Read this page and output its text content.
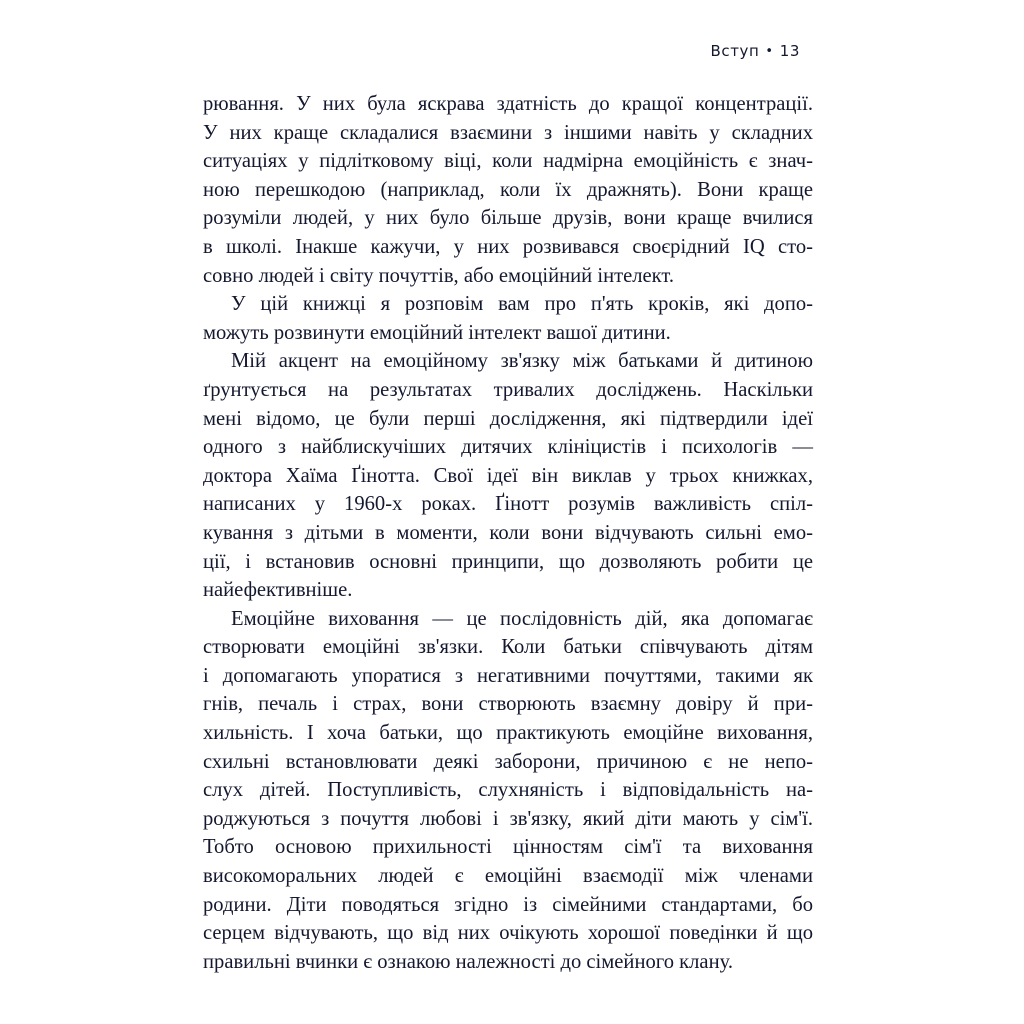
Вступ • 13
рювання. У них була яскрава здатність до кращої концентрації.
У них краще складалися взаємини з іншими навіть у складних
ситуаціях у підлітковому віці, коли надмірна емоційність є знач-
ною перешкодою (наприклад, коли їх дражнять). Вони краще
розуміли людей, у них було більше друзів, вони краще вчилися
в школі. Інакше кажучи, у них розвивався своєрідний IQ сто-
совно людей і світу почуттів, або емоційний інтелект.
У цій книжці я розповім вам про п'ять кроків, які допо-
можуть розвинути емоційний інтелект вашої дитини.
Мій акцент на емоційному зв'язку між батьками й дитиною
ґрунтується на результатах тривалих досліджень. Наскільки
мені відомо, це були перші дослідження, які підтвердили ідеї
одного з найблискучіших дитячих клініцистів і психологів —
доктора Хаїма Ґінотта. Свої ідеї він виклав у трьох книжках,
написаних у 1960-х роках. Ґінотт розумів важливість спіл-
кування з дітьми в моменти, коли вони відчувають сильні емо-
ції, і встановив основні принципи, що дозволяють робити це
найефективніше.
Емоційне виховання — це послідовність дій, яка допомагає
створювати емоційні зв'язки. Коли батьки співчувають дітям
і допомагають упоратися з негативними почуттями, такими як
гнів, печаль і страх, вони створюють взаємну довіру й при-
хильність. І хоча батьки, що практикують емоційне виховання,
схильні встановлювати деякі заборони, причиною є не непо-
слух дітей. Поступливість, слухняність і відповідальність на-
роджуються з почуття любові і зв'язку, який діти мають у сім'ї.
Тобто основою прихильності цінностям сім'ї та виховання
високоморальних людей є емоційні взаємодії між членами
родини. Діти поводяться згідно із сімейними стандартами, бо
серцем відчувають, що від них очікують хорошої поведінки й що
правильні вчинки є ознакою належності до сімейного клану.
